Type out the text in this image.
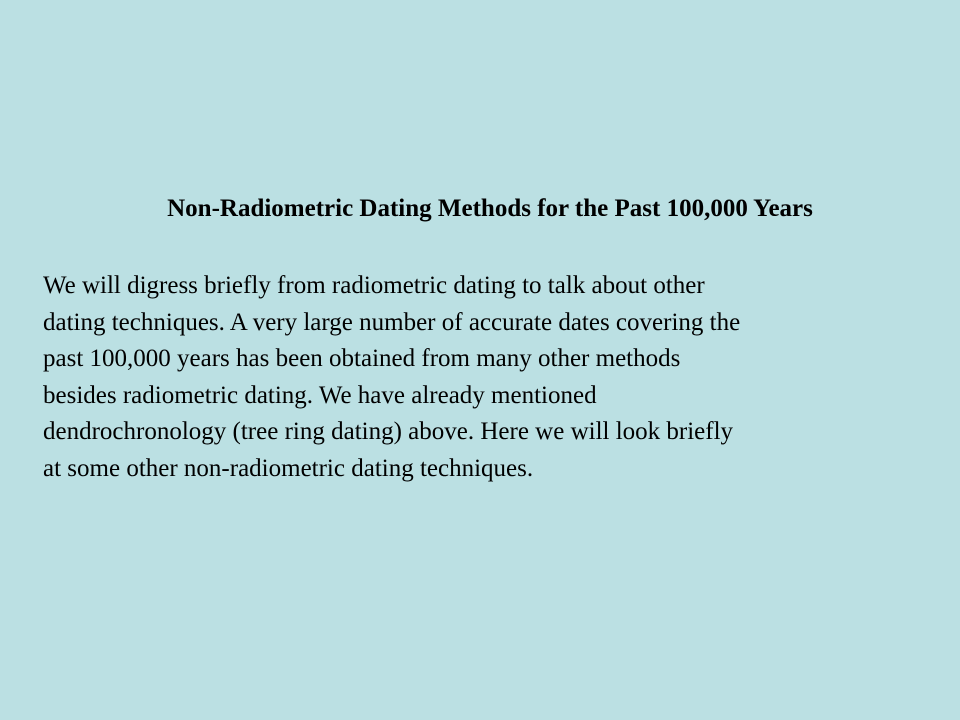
Non-Radiometric Dating Methods for the Past 100,000 Years

We will digress briefly from radiometric dating to talk about other
dating techniques. A very large number of accurate dates covering the
past 100,000 years has been obtained from many other methods
besides radiometric dating. We have already mentioned
dendrochronology (tree ring dating) above. Here we will look briefly
at some other non-radiometric dating techniques.
